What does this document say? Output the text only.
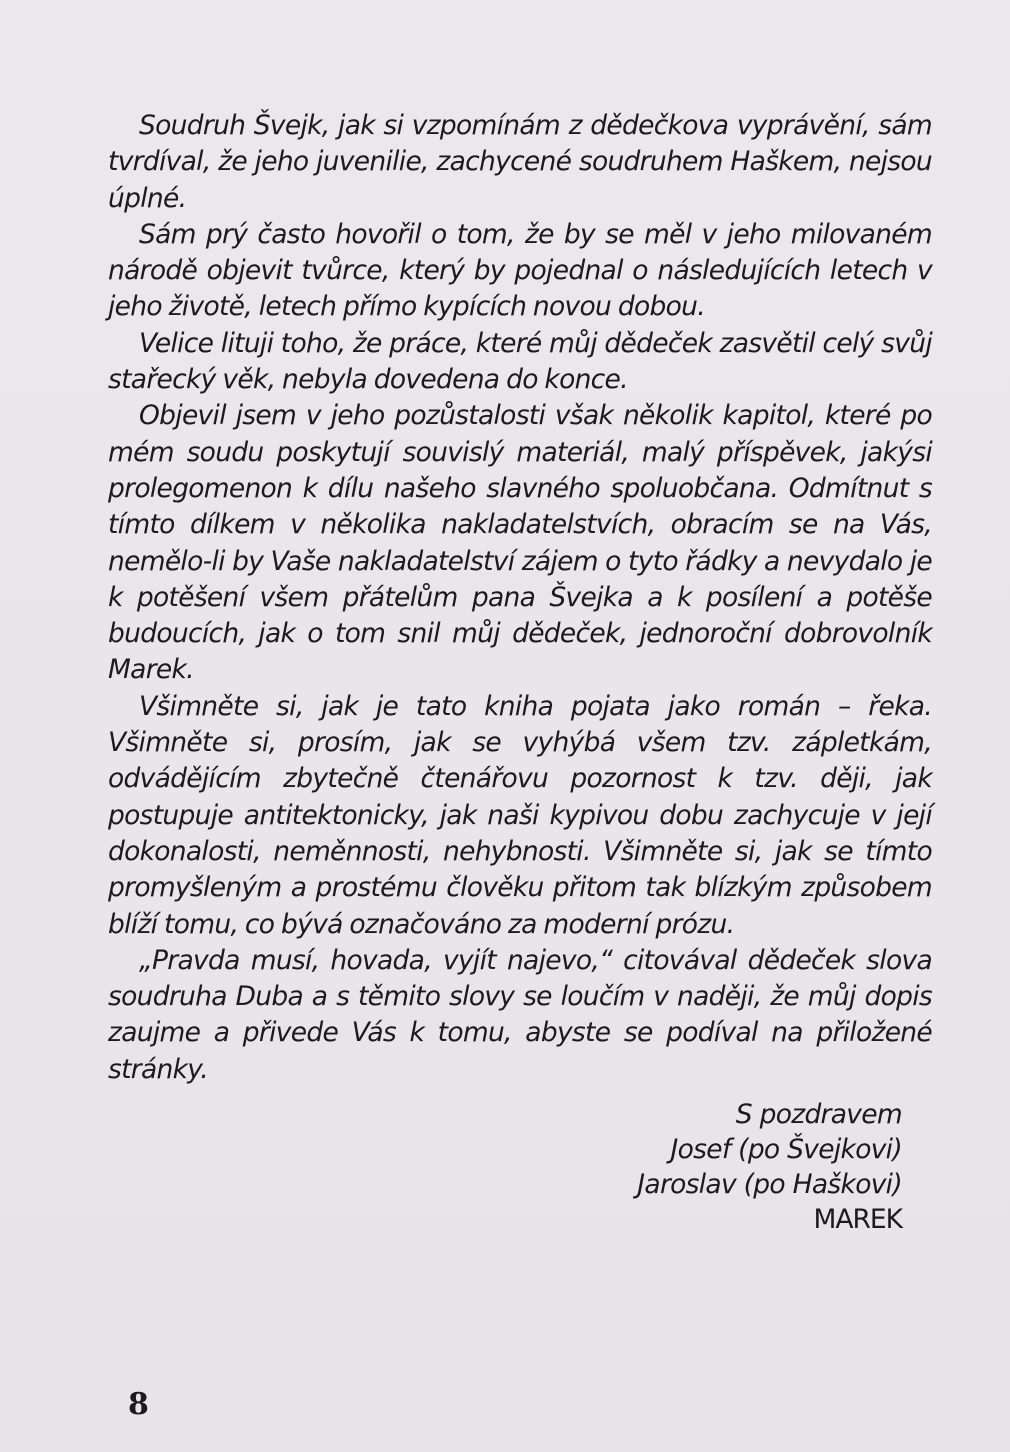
Soudruh Švejk, jak si vzpomínám z dědečkova vyprávění, sám tvrdíval, že jeho juvenilie, zachycené soudruhem Haškem, nejsou úplné.

Sám prý často hovořil o tom, že by se měl v jeho milovaném národě objevit tvůrce, který by pojednal o následujících letech v jeho životě, letech přímo kypících novou dobou.

Velice lituji toho, že práce, které můj dědeček zasvětil celý svůj stařecký věk, nebyla dovedena do konce.

Objevil jsem v jeho pozůstalosti však několik kapitol, které po mém soudu poskytují souvislý materiál, malý příspěvek, jakýsi prolegomenon k dílu našeho slavného spoluobčana. Odmítnut s tímto dílkem v několika nakladatelstvích, obracím se na Vás, nemělo-li by Vaše nakladatelství zájem o tyto řádky a nevydalo je k potěšení všem přátelům pana Švejka a k posílení a potěše budoucích, jak o tom snil můj dědeček, jednoroční dobrovolník Marek.

Všimněte si, jak je tato kniha pojata jako román – řeka. Všimněte si, prosím, jak se vyhýbá všem tzv. zápletkám, odvádějícím zbytečně čtenářovu pozornost k tzv. ději, jak postupuje antitektonicky, jak naši kypivou dobu zachycuje v její dokonalosti, neměnnosti, nehybnosti. Všimněte si, jak se tímto promyšleným a prostému člověku přitom tak blízkým způsobem blíží tomu, co bývá označováno za moderní prózu.

„Pravda musí, hovada, vyjít najevo,“ citovával dědeček slova soudruha Duba a s těmito slovy se loučím v naději, že můj dopis zaujme a přivede Vás k tomu, abyste se podíval na přiložené stránky.

S pozdravem
Josef (po Švejkovi)
Jaroslav (po Haškovi)
MAREK
8
